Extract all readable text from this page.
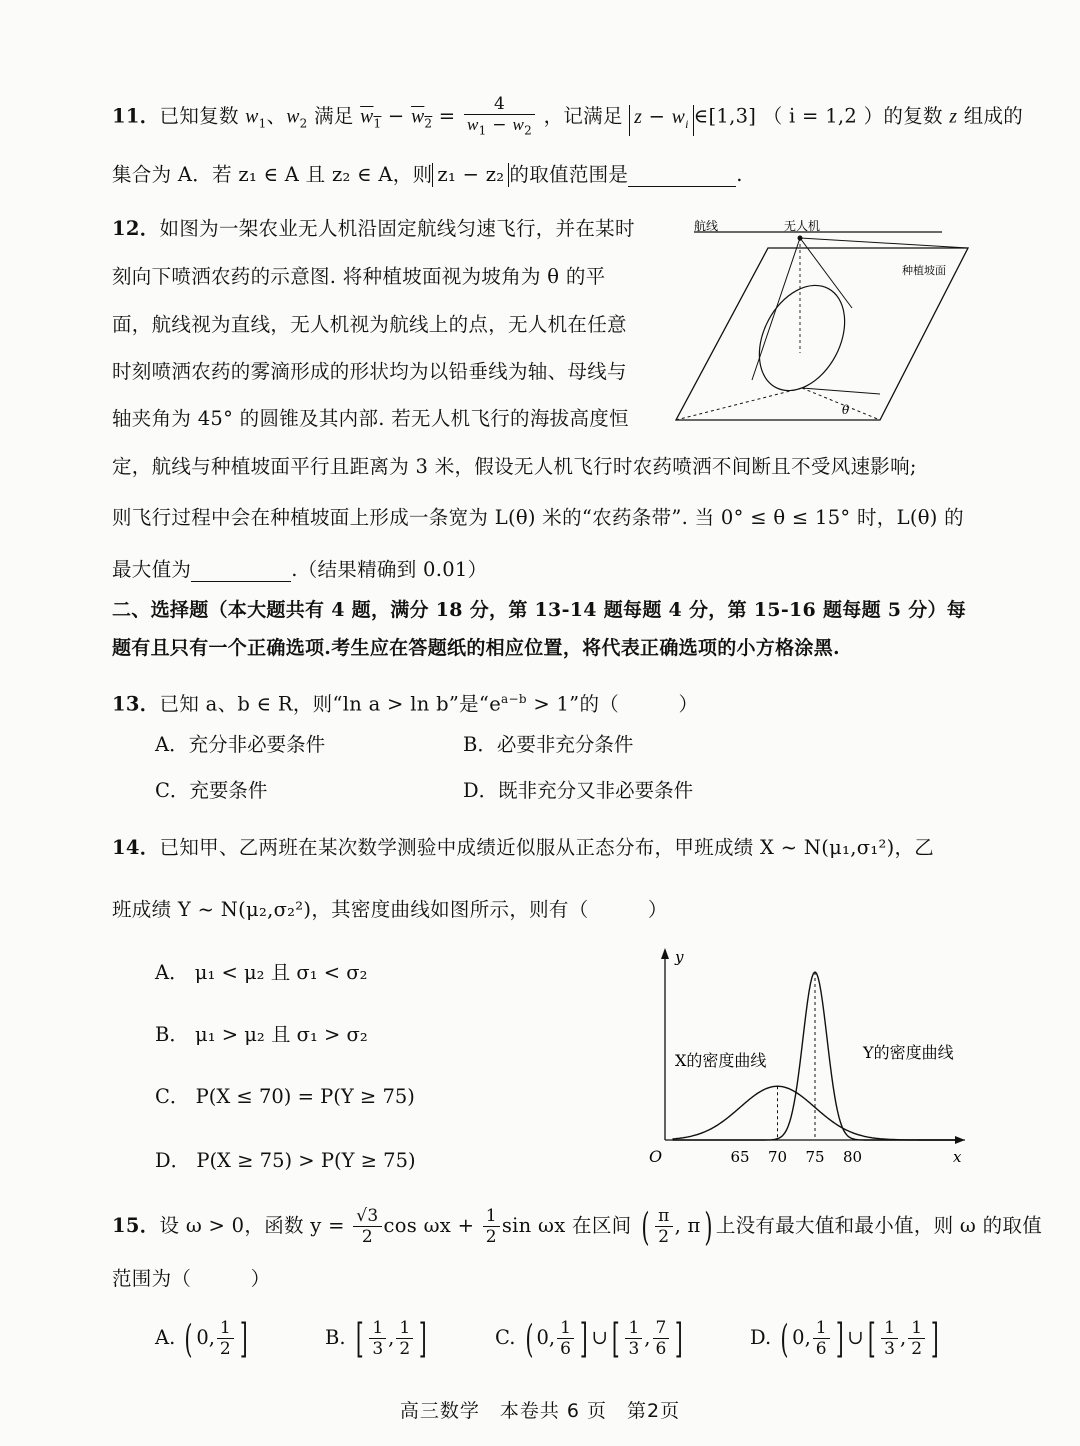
11．已知复数 $w_1$、$w_2$ 满足 $\overline{w}_1 - \overline{w}_2 = \frac{4}{w_1 - w_2}$ ，记满足 $z - w_i$ ∈[1,3] （ i = 1,2 ）的复数 z 组成的
集合为 A．若 z₁ ∈ A 且 z₂ ∈ A，则 z₁ − z₂ 的取值范围是	.
12．如图为一架农业无人机沿固定航线匀速飞行，并在某时
刻向下喷洒农药的示意图. 将种植坡面视为坡角为 θ 的平
面，航线视为直线，无人机视为航线上的点，无人机在任意
时刻喷洒农药的雾滴形成的形状均为以铅垂线为轴、母线与
轴夹角为 45° 的圆锥及其内部. 若无人机飞行的海拔高度恒
定，航线与种植坡面平行且距离为 3 米，假设无人机飞行时农药喷洒不间断且不受风速影响;
则飞行过程中会在种植坡面上形成一条宽为 L(θ) 米的“农药条带”. 当 0° ≤ θ ≤ 15° 时，L(θ) 的
最大值为	.（结果精确到 0.01）
航线	无人机
种植坡面
θ
二、选择题（本大题共有 4 题，满分 18 分，第 13-14 题每题 4 分，第 15-16 题每题 5 分）每
题有且只有一个正确选项.考生应在答题纸的相应位置，将代表正确选项的小方格涂黑.
13．已知 a、b ∈ R，则“ln a > ln b”是“$e^{a-b} > 1$”的（　　　）
A．充分非必要条件	B．必要非充分条件
C．充要条件	D．既非充分又非必要条件
14．已知甲、乙两班在某次数学测验中成绩近似服从正态分布，甲班成绩 X ~ N(μ₁,σ₁²)，乙
班成绩 Y ~ N(μ₂,σ₂²)，其密度曲线如图所示，则有（　　　）
A． μ₁ < μ₂ 且 σ₁ < σ₂
B． μ₁ > μ₂ 且 σ₁ > σ₂
C． P(X ≤ 70) = P(Y ≥ 75)
D． P(X ≥ 75) > P(Y ≥ 75)
y
x
O	65 70 75 80
X的密度曲线	Y的密度曲线
15．设 ω > 0，函数 $y = \frac{√3}{2}$ $\cos \omega x + \frac{1}{2}$ sin ωx 在区间 ( $\frac{\pi}{2}$ , π) 上没有最大值和最小值，则 ω 的取值
范围为（　　　）
A. ( 0, $\frac{1}{2}$ ]	B. [ $\frac{1}{3}$ , $\frac{1}{2}$ ]	C. ( 0, $\frac{1}{6}$ ] ∪[ $\frac{1}{3}$ , $\frac{7}{6}$ ]	D. ( 0, $\frac{1}{6}$ ] ∪[ $\frac{1}{3}$ , $\frac{1}{2}$ ]
高三数学　本卷共 6 页　第2页
